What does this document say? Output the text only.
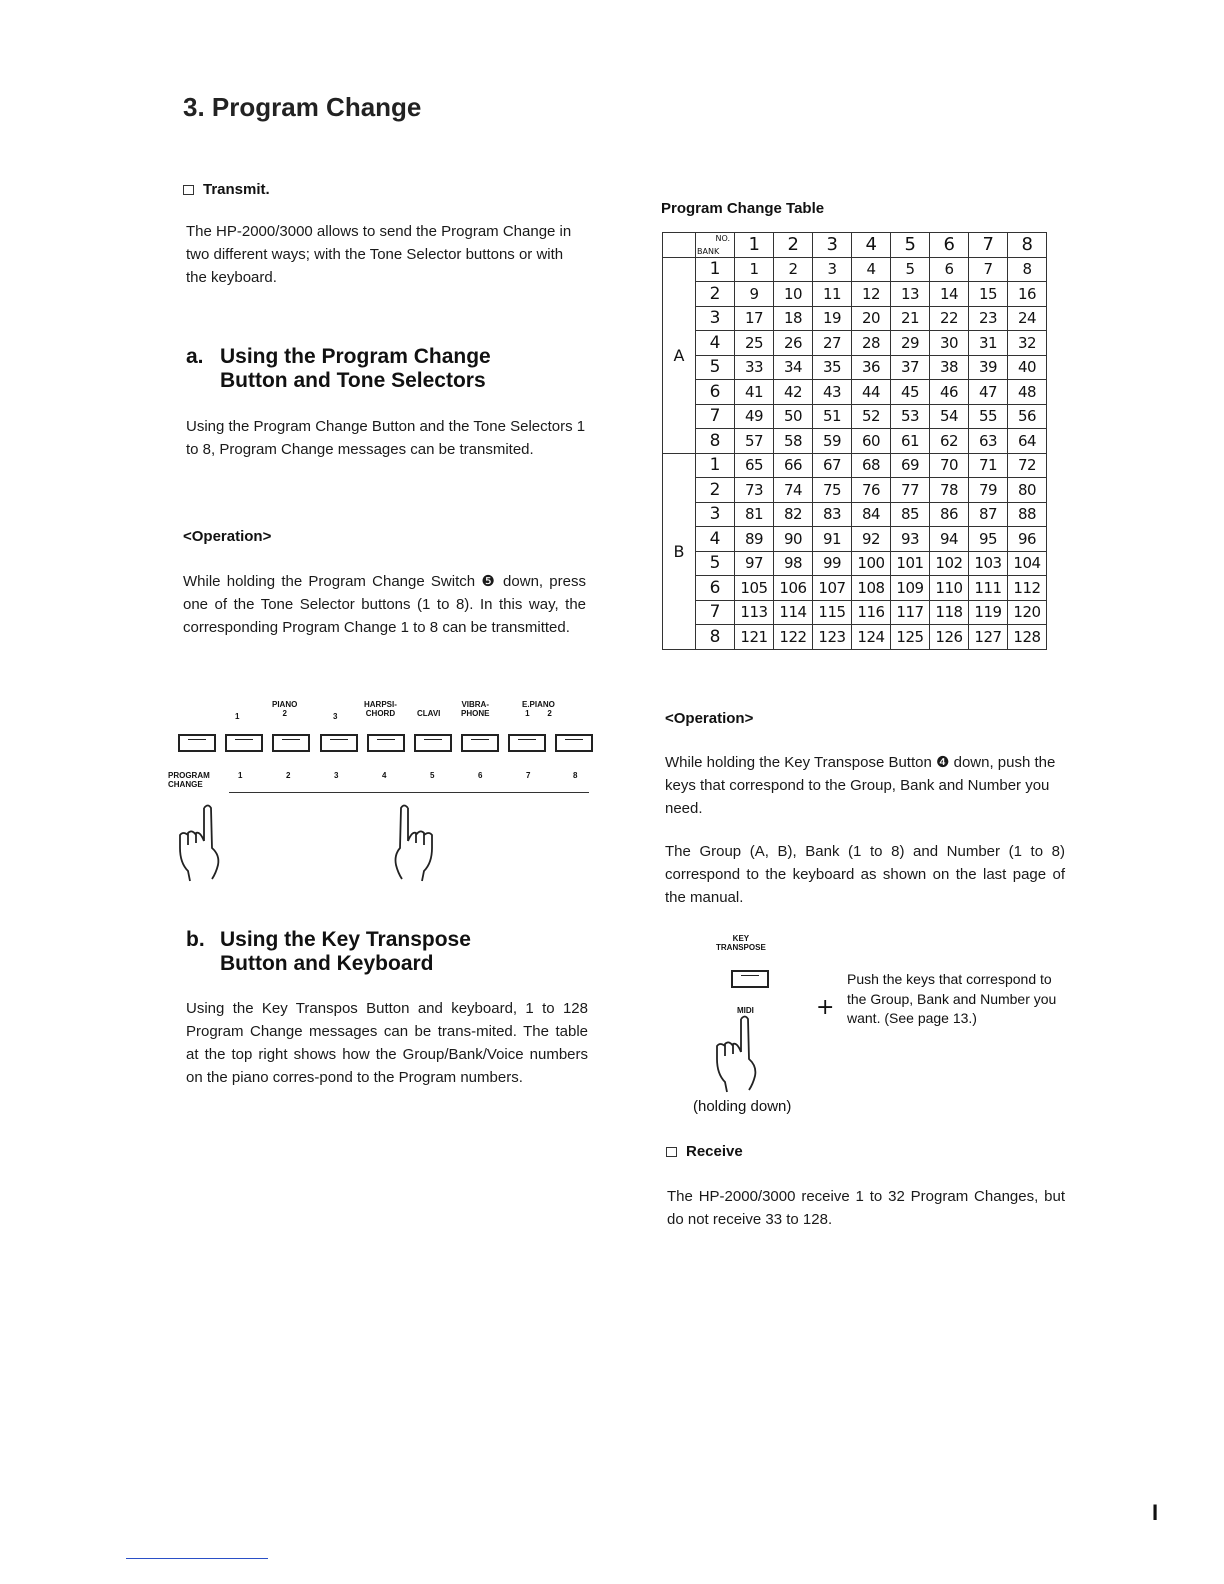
3. Program Change
Transmit.
The HP-2000/3000 allows to send the Program Change in two different ways; with the Tone Selector buttons or with the keyboard.
a. Using the Program Change
Button and Tone Selectors
Using the Program Change Button and the Tone Selectors 1 to 8, Program Change messages can be transmited.
<Operation>
While holding the Program Change Switch ❺ down, press one of the Tone Selector buttons (1 to 8). In this way, the corresponding Program Change 1 to 8 can be transmitted.
1
PIANO
2	3
HARPSI-
CHORD	CLAVI
VIBRA-
PHONE
E.PIANO
1        2
PROGRAM
CHANGE
1	2	3	4	5	6	7	8
b. Using the Key Transpose
Button and Keyboard
Using the Key Transpos Button and keyboard, 1 to 128 Program Change messages can be trans-mited. The table at the top right shows how the Group/Bank/Voice numbers on the piano corres-pond to the Program numbers.
Program Change Table

	NO.
BANK	1	2	3	4	5	6	7	8
A	1	1	2	3	4	5	6	7	8
	2	9	10	11	12	13	14	15	16
	3	17	18	19	20	21	22	23	24
	4	25	26	27	28	29	30	31	32
	5	33	34	35	36	37	38	39	40
	6	41	42	43	44	45	46	47	48
	7	49	50	51	52	53	54	55	56
	8	57	58	59	60	61	62	63	64
B	1	65	66	67	68	69	70	71	72
	2	73	74	75	76	77	78	79	80
	3	81	82	83	84	85	86	87	88
	4	89	90	91	92	93	94	95	96
	5	97	98	99	100	101	102	103	104
	6	105	106	107	108	109	110	111	112
	7	113	114	115	116	117	118	119	120
	8	121	122	123	124	125	126	127	128
<Operation>
While holding the Key Transpose Button ❹ down, push the keys that correspond to the Group, Bank and Number you need.
The Group (A, B), Bank (1 to 8) and Number (1 to 8) correspond to the keyboard as shown on the last page of the manual.
KEY
TRANSPOSE
MIDI	+
Push the keys that correspond to the Group, Bank and Number you want. (See page 13.)
(holding down)
Receive
The HP-2000/3000 receive 1 to 32 Program Changes, but do not receive 33 to 128.
I
